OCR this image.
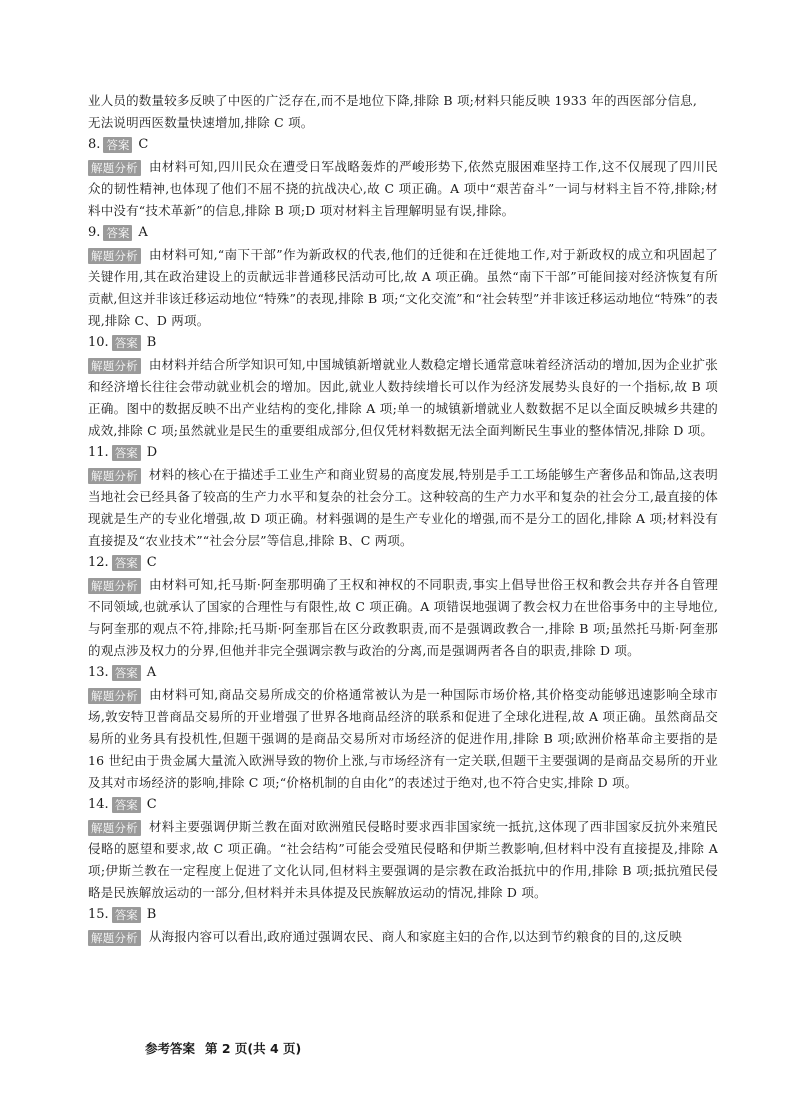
业人员的数量较多反映了中医的广泛存在,而不是地位下降,排除 B 项;材料只能反映 1933 年的西医部分信息,

无法说明西医数量快速增加,排除 C 项。

8. 答案 C

解题分析 由材料可知,四川民众在遭受日军战略轰炸的严峻形势下,依然克服困难坚持工作,这不仅展现了四川民众的韧性精神,也体现了他们不屈不挠的抗战决心,故 C 项正确。A 项中“艰苦奋斗”一词与材料主旨不符,排除;材料中没有“技术革新”的信息,排除 B 项;D 项对材料主旨理解明显有误,排除。

9. 答案 A

解题分析 由材料可知,“南下干部”作为新政权的代表,他们的迁徙和在迁徙地工作,对于新政权的成立和巩固起了关键作用,其在政治建设上的贡献远非普通移民活动可比,故 A 项正确。虽然“南下干部”可能间接对经济恢复有所贡献,但这并非该迁移运动地位“特殊”的表现,排除 B 项;“文化交流”和“社会转型”并非该迁移运动地位“特殊”的表现,排除 C、D 两项。

10. 答案 B

解题分析 由材料并结合所学知识可知,中国城镇新增就业人数稳定增长通常意味着经济活动的增加,因为企业扩张和经济增长往往会带动就业机会的增加。因此,就业人数持续增长可以作为经济发展势头良好的一个指标,故 B 项正确。图中的数据反映不出产业结构的变化,排除 A 项;单一的城镇新增就业人数数据不足以全面反映城乡共建的成效,排除 C 项;虽然就业是民生的重要组成部分,但仅凭材料数据无法全面判断民生事业的整体情况,排除 D 项。

11. 答案 D

解题分析 材料的核心在于描述手工业生产和商业贸易的高度发展,特别是手工工场能够生产奢侈品和饰品,这表明当地社会已经具备了较高的生产力水平和复杂的社会分工。这种较高的生产力水平和复杂的社会分工,最直接的体现就是生产的专业化增强,故 D 项正确。材料强调的是生产专业化的增强,而不是分工的固化,排除 A 项;材料没有直接提及“农业技术”“社会分层”等信息,排除 B、C 两项。

12. 答案 C

解题分析 由材料可知,托马斯·阿奎那明确了王权和神权的不同职责,事实上倡导世俗王权和教会共存并各自管理不同领域,也就承认了国家的合理性与有限性,故 C 项正确。A 项错误地强调了教会权力在世俗事务中的主导地位,与阿奎那的观点不符,排除;托马斯·阿奎那旨在区分政教职责,而不是强调政教合一,排除 B 项;虽然托马斯·阿奎那的观点涉及权力的分界,但他并非完全强调宗教与政治的分离,而是强调两者各自的职责,排除 D 项。

13. 答案 A

解题分析 由材料可知,商品交易所成交的价格通常被认为是一种国际市场价格,其价格变动能够迅速影响全球市场,敦安特卫普商品交易所的开业增强了世界各地商品经济的联系和促进了全球化进程,故 A 项正确。虽然商品交易所的业务具有投机性,但题干强调的是商品交易所对市场经济的促进作用,排除 B 项;欧洲价格革命主要指的是 16 世纪由于贵金属大量流入欧洲导致的物价上涨,与市场经济有一定关联,但题干主要强调的是商品交易所的开业及其对市场经济的影响,排除 C 项;“价格机制的自由化”的表述过于绝对,也不符合史实,排除 D 项。

14. 答案 C

解题分析 材料主要强调伊斯兰教在面对欧洲殖民侵略时要求西非国家统一抵抗,这体现了西非国家反抗外来殖民侵略的愿望和要求,故 C 项正确。“社会结构”可能会受殖民侵略和伊斯兰教影响,但材料中没有直接提及,排除 A 项;伊斯兰教在一定程度上促进了文化认同,但材料主要强调的是宗教在政治抵抗中的作用,排除 B 项;抵抗殖民侵略是民族解放运动的一部分,但材料并未具体提及民族解放运动的情况,排除 D 项。

15. 答案 B

解题分析 从海报内容可以看出,政府通过强调农民、商人和家庭主妇的合作,以达到节约粮食的目的,这反映

参考答案 第 2 页(共 4 页)
